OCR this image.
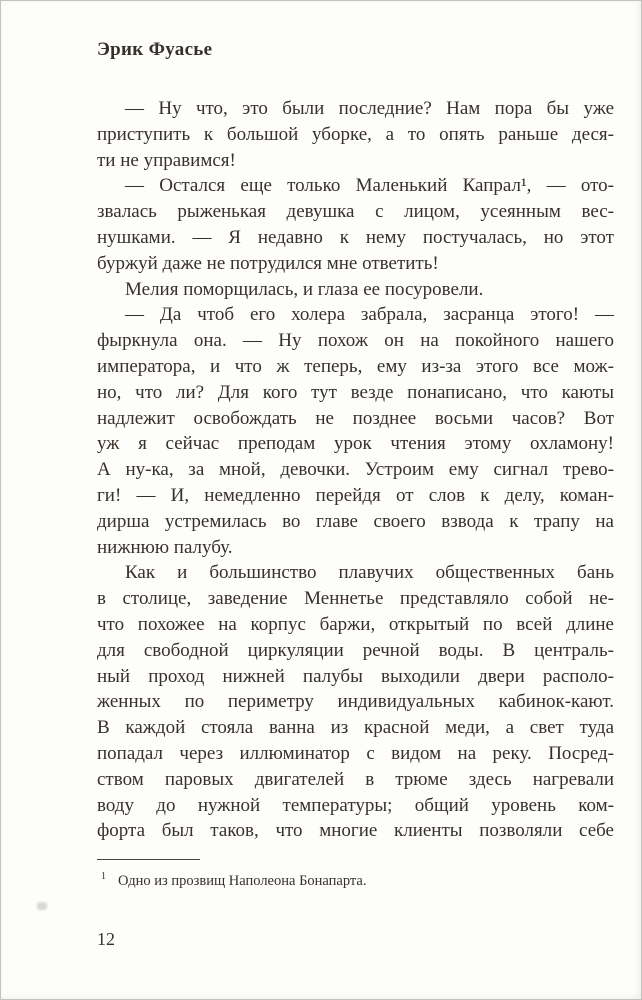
Эрик Фуасье
— Ну что, это были последние? Нам пора бы уже
приступить к большой уборке, а то опять раньше деся-
ти не управимся!
— Остался еще только Маленький Капрал¹, — ото-
звалась рыженькая девушка с лицом, усеянным вес-
нушками. — Я недавно к нему постучалась, но этот
буржуй даже не потрудился мне ответить!
Мелия поморщилась, и глаза ее посуровели.
— Да чтоб его холера забрала, засранца этого! —
фыркнула она. — Ну похож он на покойного нашего
императора, и что ж теперь, ему из-за этого все мож-
но, что ли? Для кого тут везде понаписано, что каюты
надлежит освобождать не позднее восьми часов? Вот
уж я сейчас преподам урок чтения этому охламону!
А ну-ка, за мной, девочки. Устроим ему сигнал трево-
ги! — И, немедленно перейдя от слов к делу, коман-
дирша устремилась во главе своего взвода к трапу на
нижнюю палубу.
Как и большинство плавучих общественных бань
в столице, заведение Меннетье представляло собой не-
что похожее на корпус баржи, открытый по всей длине
для свободной циркуляции речной воды. В централь-
ный проход нижней палубы выходили двери располо-
женных по периметру индивидуальных кабинок-кают.
В каждой стояла ванна из красной меди, а свет туда
попадал через иллюминатор с видом на реку. Посред-
ством паровых двигателей в трюме здесь нагревали
воду до нужной температуры; общий уровень ком-
форта был таков, что многие клиенты позволяли себе
$^1$ Одно из прозвищ Наполеона Бонапарта.
12
